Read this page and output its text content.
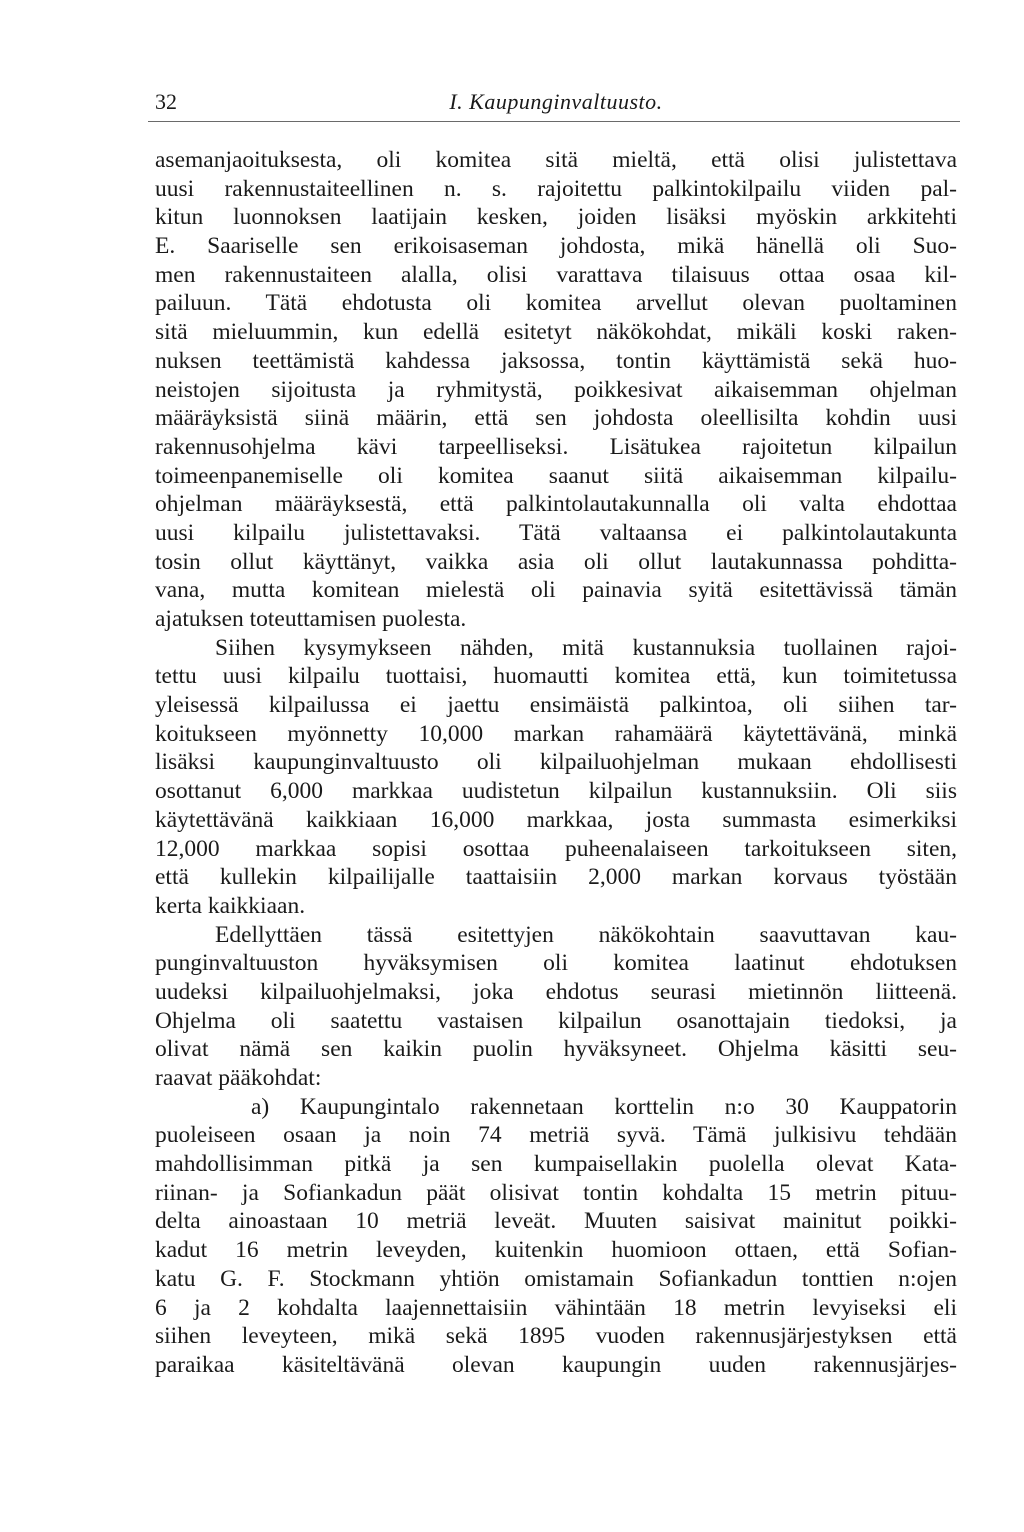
32	I. Kaupunginvaltuusto.
asemanjaoituksesta, oli komitea sitä mieltä, että olisi julistettava
uusi rakennustaiteellinen n. s. rajoitettu palkintokilpailu viiden pal-
kitun luonnoksen laatijain kesken, joiden lisäksi myöskin arkkitehti
E. Saariselle sen erikoisaseman johdosta, mikä hänellä oli Suo-
men rakennustaiteen alalla, olisi varattava tilaisuus ottaa osaa kil-
pailuun. Tätä ehdotusta oli komitea arvellut olevan puoltaminen
sitä mieluummin, kun edellä esitetyt näkökohdat, mikäli koski raken-
nuksen teettämistä kahdessa jaksossa, tontin käyttämistä sekä huo-
neistojen sijoitusta ja ryhmitystä, poikkesivat aikaisemman ohjelman
määräyksistä siinä määrin, että sen johdosta oleellisilta kohdin uusi
rakennusohjelma kävi tarpeelliseksi. Lisätukea rajoitetun kilpailun
toimeenpanemiselle oli komitea saanut siitä aikaisemman kilpailu-
ohjelman määräyksestä, että palkintolautakunnalla oli valta ehdottaa
uusi kilpailu julistettavaksi. Tätä valtaansa ei palkintolautakunta
tosin ollut käyttänyt, vaikka asia oli ollut lautakunnassa pohditta-
vana, mutta komitean mielestä oli painavia syitä esitettävissä tämän
ajatuksen toteuttamisen puolesta.
Siihen kysymykseen nähden, mitä kustannuksia tuollainen rajoi-
tettu uusi kilpailu tuottaisi, huomautti komitea että, kun toimitetussa
yleisessä kilpailussa ei jaettu ensimäistä palkintoa, oli siihen tar-
koitukseen myönnetty 10,000 markan rahamäärä käytettävänä, minkä
lisäksi kaupunginvaltuusto oli kilpailuohjelman mukaan ehdollisesti
osottanut 6,000 markkaa uudistetun kilpailun kustannuksiin. Oli siis
käytettävänä kaikkiaan 16,000 markkaa, josta summasta esimerkiksi
12,000 markkaa sopisi osottaa puheenalaiseen tarkoitukseen siten,
että kullekin kilpailijalle taattaisiin 2,000 markan korvaus työstään
kerta kaikkiaan.
Edellyttäen tässä esitettyjen näkökohtain saavuttavan kau-
punginvaltuuston hyväksymisen oli komitea laatinut ehdotuksen
uudeksi kilpailuohjelmaksi, joka ehdotus seurasi mietinnön liitteenä.
Ohjelma oli saatettu vastaisen kilpailun osanottajain tiedoksi, ja
olivat nämä sen kaikin puolin hyväksyneet. Ohjelma käsitti seu-
raavat pääkohdat:
a) Kaupungintalo rakennetaan korttelin n:o 30 Kauppatorin
puoleiseen osaan ja noin 74 metriä syvä. Tämä julkisivu tehdään
mahdollisimman pitkä ja sen kumpaisellakin puolella olevat Kata-
riinan- ja Sofiankadun päät olisivat tontin kohdalta 15 metrin pituu-
delta ainoastaan 10 metriä leveät. Muuten saisivat mainitut poikki-
kadut 16 metrin leveyden, kuitenkin huomioon ottaen, että Sofian-
katu G. F. Stockmann yhtiön omistamain Sofiankadun tonttien n:ojen
6 ja 2 kohdalta laajennettaisiin vähintään 18 metrin levyiseksi eli
siihen leveyteen, mikä sekä 1895 vuoden rakennusjärjestyksen että
paraikaa käsiteltävänä olevan kaupungin uuden rakennusjärjes-
